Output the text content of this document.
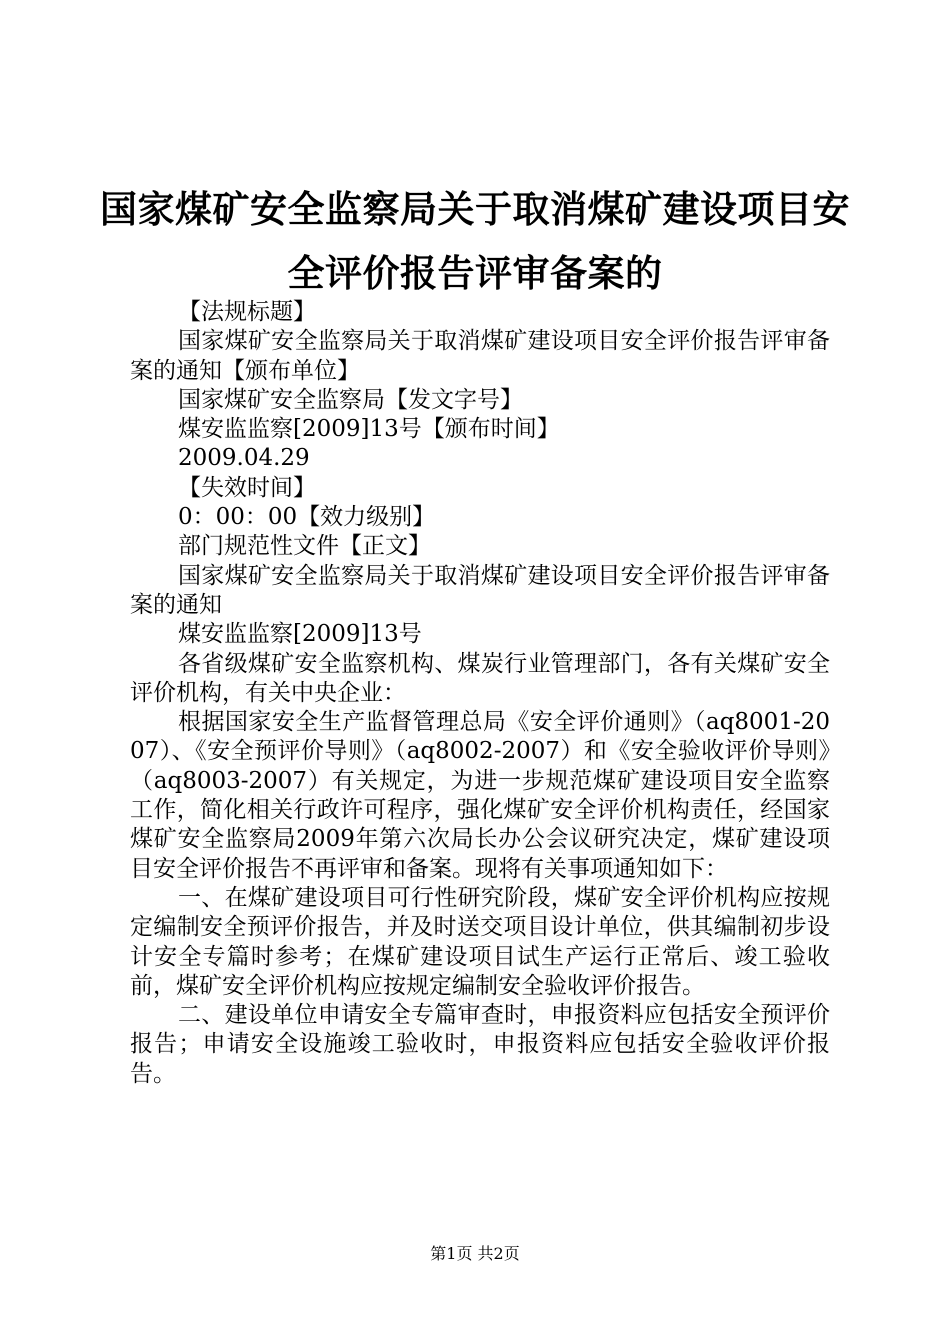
国家煤矿安全监察局关于取消煤矿建设项目安全评价报告评审备案的

【法规标题】

国家煤矿安全监察局关于取消煤矿建设项目安全评价报告评审备案的通知【颁布单位】

国家煤矿安全监察局【发文字号】

煤安监监察[2009]13号【颁布时间】

2009.04.29

【失效时间】

0：00：00【效力级别】

部门规范性文件【正文】

国家煤矿安全监察局关于取消煤矿建设项目安全评价报告评审备案的通知

煤安监监察[2009]13号

各省级煤矿安全监察机构、煤炭行业管理部门，各有关煤矿安全评价机构，有关中央企业：

根据国家安全生产监督管理总局《安全评价通则》（aq8001-2007）、《安全预评价导则》（aq8002-2007）和《安全验收评价导则》（aq8003-2007）有关规定，为进一步规范煤矿建设项目安全监察工作，简化相关行政许可程序，强化煤矿安全评价机构责任，经国家煤矿安全监察局2009年第六次局长办公会议研究决定，煤矿建设项目安全评价报告不再评审和备案。现将有关事项通知如下：

一、在煤矿建设项目可行性研究阶段，煤矿安全评价机构应按规定编制安全预评价报告，并及时送交项目设计单位，供其编制初步设计安全专篇时参考；在煤矿建设项目试生产运行正常后、竣工验收前，煤矿安全评价机构应按规定编制安全验收评价报告。

二、建设单位申请安全专篇审查时，申报资料应包括安全预评价报告；申请安全设施竣工验收时，申报资料应包括安全验收评价报告。

第1页 共2页
